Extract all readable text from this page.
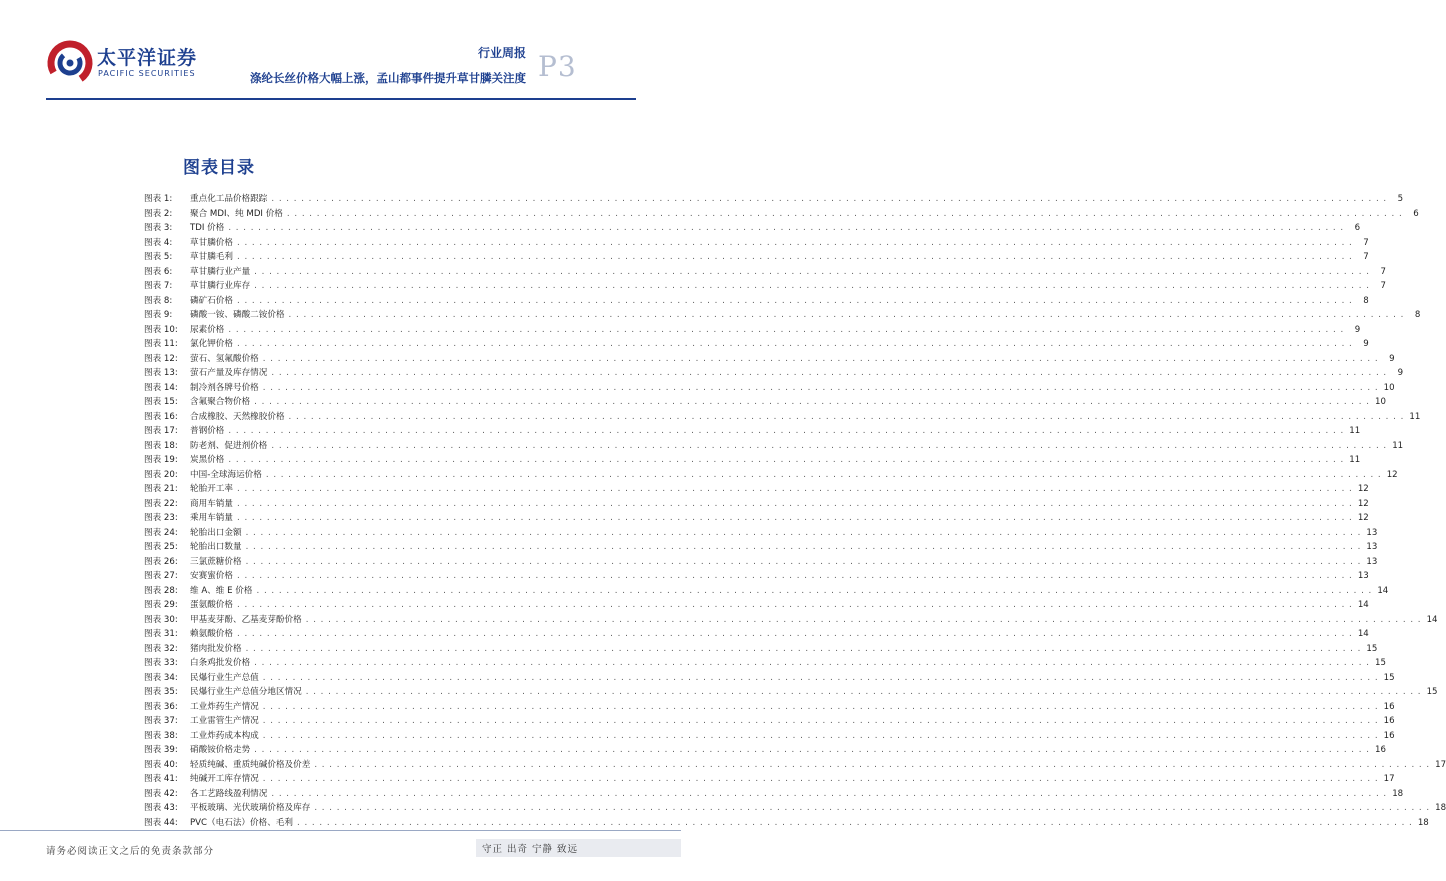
太平洋证券
PACIFIC SECURITIES
行业周报
涤纶长丝价格大幅上涨，孟山都事件提升草甘膦关注度 P3
图表目录
图表 1:	重点化工品价格跟踪 . . . . . . . . . . . . . . . . . . . . . . . . . . . . . . . . . . . . . . . . . . . . . . . . . . . . . . . . . . . . . . . . . . . . . . . . . . . . . . . . . . . . . . . . . . . . . . . . . . . . . . . . . . . . . . . . . . . . . . . . . . . . . . . . . . . . . . . . . . . . . . . . . . . . . .	5
图表 2:	聚合 MDI、纯 MDI 价格 . . . . . . . . . . . . . . . . . . . . . . . . . . . . . . . . . . . . . . . . . . . . . . . . . . . . . . . . . . . . . . . . . . . . . . . . . . . . . . . . . . . . . . . . . . . . . . . . . . . . . . . . . . . . . . . . . . . . . . . . . . . . . . . . . . . . . . . . . . . . . . . . . . . . . .	6
图表 3:	TDI 价格 . . . . . . . . . . . . . . . . . . . . . . . . . . . . . . . . . . . . . . . . . . . . . . . . . . . . . . . . . . . . . . . . . . . . . . . . . . . . . . . . . . . . . . . . . . . . . . . . . . . . . . . . . . . . . . . . . . . . . . . . . . . . . . . . . . . . . . . . . . . . . . . . . . . . . .	6
图表 4:	草甘膦价格 . . . . . . . . . . . . . . . . . . . . . . . . . . . . . . . . . . . . . . . . . . . . . . . . . . . . . . . . . . . . . . . . . . . . . . . . . . . . . . . . . . . . . . . . . . . . . . . . . . . . . . . . . . . . . . . . . . . . . . . . . . . . . . . . . . . . . . . . . . . . . . . . . . . . . .	7
图表 5:	草甘膦毛利 . . . . . . . . . . . . . . . . . . . . . . . . . . . . . . . . . . . . . . . . . . . . . . . . . . . . . . . . . . . . . . . . . . . . . . . . . . . . . . . . . . . . . . . . . . . . . . . . . . . . . . . . . . . . . . . . . . . . . . . . . . . . . . . . . . . . . . . . . . . . . . . . . . . . . .	7
图表 6:	草甘膦行业产量 . . . . . . . . . . . . . . . . . . . . . . . . . . . . . . . . . . . . . . . . . . . . . . . . . . . . . . . . . . . . . . . . . . . . . . . . . . . . . . . . . . . . . . . . . . . . . . . . . . . . . . . . . . . . . . . . . . . . . . . . . . . . . . . . . . . . . . . . . . . . . . . . . . . . . .	7
图表 7:	草甘膦行业库存 . . . . . . . . . . . . . . . . . . . . . . . . . . . . . . . . . . . . . . . . . . . . . . . . . . . . . . . . . . . . . . . . . . . . . . . . . . . . . . . . . . . . . . . . . . . . . . . . . . . . . . . . . . . . . . . . . . . . . . . . . . . . . . . . . . . . . . . . . . . . . . . . . . . . . .	7
图表 8:	磷矿石价格 . . . . . . . . . . . . . . . . . . . . . . . . . . . . . . . . . . . . . . . . . . . . . . . . . . . . . . . . . . . . . . . . . . . . . . . . . . . . . . . . . . . . . . . . . . . . . . . . . . . . . . . . . . . . . . . . . . . . . . . . . . . . . . . . . . . . . . . . . . . . . . . . . . . . . .	8
图表 9:	磷酸一铵、磷酸二铵价格 . . . . . . . . . . . . . . . . . . . . . . . . . . . . . . . . . . . . . . . . . . . . . . . . . . . . . . . . . . . . . . . . . . . . . . . . . . . . . . . . . . . . . . . . . . . . . . . . . . . . . . . . . . . . . . . . . . . . . . . . . . . . . . . . . . . . . . . . . . . . . . . . . . . . . .	8
图表 10:	尿素价格 . . . . . . . . . . . . . . . . . . . . . . . . . . . . . . . . . . . . . . . . . . . . . . . . . . . . . . . . . . . . . . . . . . . . . . . . . . . . . . . . . . . . . . . . . . . . . . . . . . . . . . . . . . . . . . . . . . . . . . . . . . . . . . . . . . . . . . . . . . . . . . . . . . . . . .	9
图表 11:	氯化钾价格 . . . . . . . . . . . . . . . . . . . . . . . . . . . . . . . . . . . . . . . . . . . . . . . . . . . . . . . . . . . . . . . . . . . . . . . . . . . . . . . . . . . . . . . . . . . . . . . . . . . . . . . . . . . . . . . . . . . . . . . . . . . . . . . . . . . . . . . . . . . . . . . . . . . . . .	9
图表 12:	萤石、氢氟酸价格 . . . . . . . . . . . . . . . . . . . . . . . . . . . . . . . . . . . . . . . . . . . . . . . . . . . . . . . . . . . . . . . . . . . . . . . . . . . . . . . . . . . . . . . . . . . . . . . . . . . . . . . . . . . . . . . . . . . . . . . . . . . . . . . . . . . . . . . . . . . . . . . . . . . . . .	9
图表 13:	萤石产量及库存情况 . . . . . . . . . . . . . . . . . . . . . . . . . . . . . . . . . . . . . . . . . . . . . . . . . . . . . . . . . . . . . . . . . . . . . . . . . . . . . . . . . . . . . . . . . . . . . . . . . . . . . . . . . . . . . . . . . . . . . . . . . . . . . . . . . . . . . . . . . . . . . . . . . . . . . .	9
图表 14:	制冷剂各牌号价格 . . . . . . . . . . . . . . . . . . . . . . . . . . . . . . . . . . . . . . . . . . . . . . . . . . . . . . . . . . . . . . . . . . . . . . . . . . . . . . . . . . . . . . . . . . . . . . . . . . . . . . . . . . . . . . . . . . . . . . . . . . . . . . . . . . . . . . . . . . . . . . . . . . . . . . 10
图表 15:	含氟聚合物价格 . . . . . . . . . . . . . . . . . . . . . . . . . . . . . . . . . . . . . . . . . . . . . . . . . . . . . . . . . . . . . . . . . . . . . . . . . . . . . . . . . . . . . . . . . . . . . . . . . . . . . . . . . . . . . . . . . . . . . . . . . . . . . . . . . . . . . . . . . . . . . . . . . . . . . . 10
图表 16:	合成橡胶、天然橡胶价格 . . . . . . . . . . . . . . . . . . . . . . . . . . . . . . . . . . . . . . . . . . . . . . . . . . . . . . . . . . . . . . . . . . . . . . . . . . . . . . . . . . . . . . . . . . . . . . . . . . . . . . . . . . . . . . . . . . . . . . . . . . . . . . . . . . . . . . . . . . . . . . . . . . . . . . 11
图表 17:	普钢价格 . . . . . . . . . . . . . . . . . . . . . . . . . . . . . . . . . . . . . . . . . . . . . . . . . . . . . . . . . . . . . . . . . . . . . . . . . . . . . . . . . . . . . . . . . . . . . . . . . . . . . . . . . . . . . . . . . . . . . . . . . . . . . . . . . . . . . . . . . . . . . . . . . . . . . . 11
图表 18:	防老剂、促进剂价格 . . . . . . . . . . . . . . . . . . . . . . . . . . . . . . . . . . . . . . . . . . . . . . . . . . . . . . . . . . . . . . . . . . . . . . . . . . . . . . . . . . . . . . . . . . . . . . . . . . . . . . . . . . . . . . . . . . . . . . . . . . . . . . . . . . . . . . . . . . . . . . . . . . . . . . 11
图表 19:	炭黑价格 . . . . . . . . . . . . . . . . . . . . . . . . . . . . . . . . . . . . . . . . . . . . . . . . . . . . . . . . . . . . . . . . . . . . . . . . . . . . . . . . . . . . . . . . . . . . . . . . . . . . . . . . . . . . . . . . . . . . . . . . . . . . . . . . . . . . . . . . . . . . . . . . . . . . . . 11
图表 20:	中国-全球海运价格 . . . . . . . . . . . . . . . . . . . . . . . . . . . . . . . . . . . . . . . . . . . . . . . . . . . . . . . . . . . . . . . . . . . . . . . . . . . . . . . . . . . . . . . . . . . . . . . . . . . . . . . . . . . . . . . . . . . . . . . . . . . . . . . . . . . . . . . . . . . . . . . . . . . . . . 12
图表 21:	轮胎开工率 . . . . . . . . . . . . . . . . . . . . . . . . . . . . . . . . . . . . . . . . . . . . . . . . . . . . . . . . . . . . . . . . . . . . . . . . . . . . . . . . . . . . . . . . . . . . . . . . . . . . . . . . . . . . . . . . . . . . . . . . . . . . . . . . . . . . . . . . . . . . . . . . . . . . . . 12
图表 22:	商用车销量 . . . . . . . . . . . . . . . . . . . . . . . . . . . . . . . . . . . . . . . . . . . . . . . . . . . . . . . . . . . . . . . . . . . . . . . . . . . . . . . . . . . . . . . . . . . . . . . . . . . . . . . . . . . . . . . . . . . . . . . . . . . . . . . . . . . . . . . . . . . . . . . . . . . . . . 12
图表 23:	乘用车销量 . . . . . . . . . . . . . . . . . . . . . . . . . . . . . . . . . . . . . . . . . . . . . . . . . . . . . . . . . . . . . . . . . . . . . . . . . . . . . . . . . . . . . . . . . . . . . . . . . . . . . . . . . . . . . . . . . . . . . . . . . . . . . . . . . . . . . . . . . . . . . . . . . . . . . . 12
图表 24:	轮胎出口金额 . . . . . . . . . . . . . . . . . . . . . . . . . . . . . . . . . . . . . . . . . . . . . . . . . . . . . . . . . . . . . . . . . . . . . . . . . . . . . . . . . . . . . . . . . . . . . . . . . . . . . . . . . . . . . . . . . . . . . . . . . . . . . . . . . . . . . . . . . . . . . . . . . . . . . . 13
图表 25:	轮胎出口数量 . . . . . . . . . . . . . . . . . . . . . . . . . . . . . . . . . . . . . . . . . . . . . . . . . . . . . . . . . . . . . . . . . . . . . . . . . . . . . . . . . . . . . . . . . . . . . . . . . . . . . . . . . . . . . . . . . . . . . . . . . . . . . . . . . . . . . . . . . . . . . . . . . . . . . . 13
图表 26:	三氯蔗糖价格 . . . . . . . . . . . . . . . . . . . . . . . . . . . . . . . . . . . . . . . . . . . . . . . . . . . . . . . . . . . . . . . . . . . . . . . . . . . . . . . . . . . . . . . . . . . . . . . . . . . . . . . . . . . . . . . . . . . . . . . . . . . . . . . . . . . . . . . . . . . . . . . . . . . . . . 13
图表 27:	安赛蜜价格 . . . . . . . . . . . . . . . . . . . . . . . . . . . . . . . . . . . . . . . . . . . . . . . . . . . . . . . . . . . . . . . . . . . . . . . . . . . . . . . . . . . . . . . . . . . . . . . . . . . . . . . . . . . . . . . . . . . . . . . . . . . . . . . . . . . . . . . . . . . . . . . . . . . . . . 13
图表 28:	维 A、维 E 价格 . . . . . . . . . . . . . . . . . . . . . . . . . . . . . . . . . . . . . . . . . . . . . . . . . . . . . . . . . . . . . . . . . . . . . . . . . . . . . . . . . . . . . . . . . . . . . . . . . . . . . . . . . . . . . . . . . . . . . . . . . . . . . . . . . . . . . . . . . . . . . . . . . . . . . . 14
图表 29:	蛋氨酸价格 . . . . . . . . . . . . . . . . . . . . . . . . . . . . . . . . . . . . . . . . . . . . . . . . . . . . . . . . . . . . . . . . . . . . . . . . . . . . . . . . . . . . . . . . . . . . . . . . . . . . . . . . . . . . . . . . . . . . . . . . . . . . . . . . . . . . . . . . . . . . . . . . . . . . . . 14
图表 30:	甲基麦芽酚、乙基麦芽酚价格 . . . . . . . . . . . . . . . . . . . . . . . . . . . . . . . . . . . . . . . . . . . . . . . . . . . . . . . . . . . . . . . . . . . . . . . . . . . . . . . . . . . . . . . . . . . . . . . . . . . . . . . . . . . . . . . . . . . . . . . . . . . . . . . . . . . . . . . . . . . . . . . . . . . . . . 14
图表 31:	赖氨酸价格 . . . . . . . . . . . . . . . . . . . . . . . . . . . . . . . . . . . . . . . . . . . . . . . . . . . . . . . . . . . . . . . . . . . . . . . . . . . . . . . . . . . . . . . . . . . . . . . . . . . . . . . . . . . . . . . . . . . . . . . . . . . . . . . . . . . . . . . . . . . . . . . . . . . . . . 14
图表 32:	猪肉批发价格 . . . . . . . . . . . . . . . . . . . . . . . . . . . . . . . . . . . . . . . . . . . . . . . . . . . . . . . . . . . . . . . . . . . . . . . . . . . . . . . . . . . . . . . . . . . . . . . . . . . . . . . . . . . . . . . . . . . . . . . . . . . . . . . . . . . . . . . . . . . . . . . . . . . . . . 15
图表 33:	白条鸡批发价格 . . . . . . . . . . . . . . . . . . . . . . . . . . . . . . . . . . . . . . . . . . . . . . . . . . . . . . . . . . . . . . . . . . . . . . . . . . . . . . . . . . . . . . . . . . . . . . . . . . . . . . . . . . . . . . . . . . . . . . . . . . . . . . . . . . . . . . . . . . . . . . . . . . . . . . 15
图表 34:	民爆行业生产总值 . . . . . . . . . . . . . . . . . . . . . . . . . . . . . . . . . . . . . . . . . . . . . . . . . . . . . . . . . . . . . . . . . . . . . . . . . . . . . . . . . . . . . . . . . . . . . . . . . . . . . . . . . . . . . . . . . . . . . . . . . . . . . . . . . . . . . . . . . . . . . . . . . . . . . . 15
图表 35:	民爆行业生产总值分地区情况 . . . . . . . . . . . . . . . . . . . . . . . . . . . . . . . . . . . . . . . . . . . . . . . . . . . . . . . . . . . . . . . . . . . . . . . . . . . . . . . . . . . . . . . . . . . . . . . . . . . . . . . . . . . . . . . . . . . . . . . . . . . . . . . . . . . . . . . . . . . . . . . . . . . . . . 15
图表 36:	工业炸药生产情况 . . . . . . . . . . . . . . . . . . . . . . . . . . . . . . . . . . . . . . . . . . . . . . . . . . . . . . . . . . . . . . . . . . . . . . . . . . . . . . . . . . . . . . . . . . . . . . . . . . . . . . . . . . . . . . . . . . . . . . . . . . . . . . . . . . . . . . . . . . . . . . . . . . . . . . 16
图表 37:	工业雷管生产情况 . . . . . . . . . . . . . . . . . . . . . . . . . . . . . . . . . . . . . . . . . . . . . . . . . . . . . . . . . . . . . . . . . . . . . . . . . . . . . . . . . . . . . . . . . . . . . . . . . . . . . . . . . . . . . . . . . . . . . . . . . . . . . . . . . . . . . . . . . . . . . . . . . . . . . . 16
图表 38:	工业炸药成本构成 . . . . . . . . . . . . . . . . . . . . . . . . . . . . . . . . . . . . . . . . . . . . . . . . . . . . . . . . . . . . . . . . . . . . . . . . . . . . . . . . . . . . . . . . . . . . . . . . . . . . . . . . . . . . . . . . . . . . . . . . . . . . . . . . . . . . . . . . . . . . . . . . . . . . . . 16
图表 39:	硝酸铵价格走势 . . . . . . . . . . . . . . . . . . . . . . . . . . . . . . . . . . . . . . . . . . . . . . . . . . . . . . . . . . . . . . . . . . . . . . . . . . . . . . . . . . . . . . . . . . . . . . . . . . . . . . . . . . . . . . . . . . . . . . . . . . . . . . . . . . . . . . . . . . . . . . . . . . . . . . 16
图表 40:	轻质纯碱、重质纯碱价格及价差 . . . . . . . . . . . . . . . . . . . . . . . . . . . . . . . . . . . . . . . . . . . . . . . . . . . . . . . . . . . . . . . . . . . . . . . . . . . . . . . . . . . . . . . . . . . . . . . . . . . . . . . . . . . . . . . . . . . . . . . . . . . . . . . . . . . . . . . . . . . . . . . . . . . . . . 17
图表 41:	纯碱开工库存情况 . . . . . . . . . . . . . . . . . . . . . . . . . . . . . . . . . . . . . . . . . . . . . . . . . . . . . . . . . . . . . . . . . . . . . . . . . . . . . . . . . . . . . . . . . . . . . . . . . . . . . . . . . . . . . . . . . . . . . . . . . . . . . . . . . . . . . . . . . . . . . . . . . . . . . . 17
图表 42:	各工艺路线盈利情况 . . . . . . . . . . . . . . . . . . . . . . . . . . . . . . . . . . . . . . . . . . . . . . . . . . . . . . . . . . . . . . . . . . . . . . . . . . . . . . . . . . . . . . . . . . . . . . . . . . . . . . . . . . . . . . . . . . . . . . . . . . . . . . . . . . . . . . . . . . . . . . . . . . . . . . 18
图表 43:	平板玻璃、光伏玻璃价格及库存 . . . . . . . . . . . . . . . . . . . . . . . . . . . . . . . . . . . . . . . . . . . . . . . . . . . . . . . . . . . . . . . . . . . . . . . . . . . . . . . . . . . . . . . . . . . . . . . . . . . . . . . . . . . . . . . . . . . . . . . . . . . . . . . . . . . . . . . . . . . . . . . . . . . . . . 18
图表 44:	PVC（电石法）价格、毛利 . . . . . . . . . . . . . . . . . . . . . . . . . . . . . . . . . . . . . . . . . . . . . . . . . . . . . . . . . . . . . . . . . . . . . . . . . . . . . . . . . . . . . . . . . . . . . . . . . . . . . . . . . . . . . . . . . . . . . . . . . . . . . . . . . . . . . . . . . . . . . . . . . . . . . . 18
请务必阅读正文之后的免责条款部分	守正 出奇 宁静 致远
